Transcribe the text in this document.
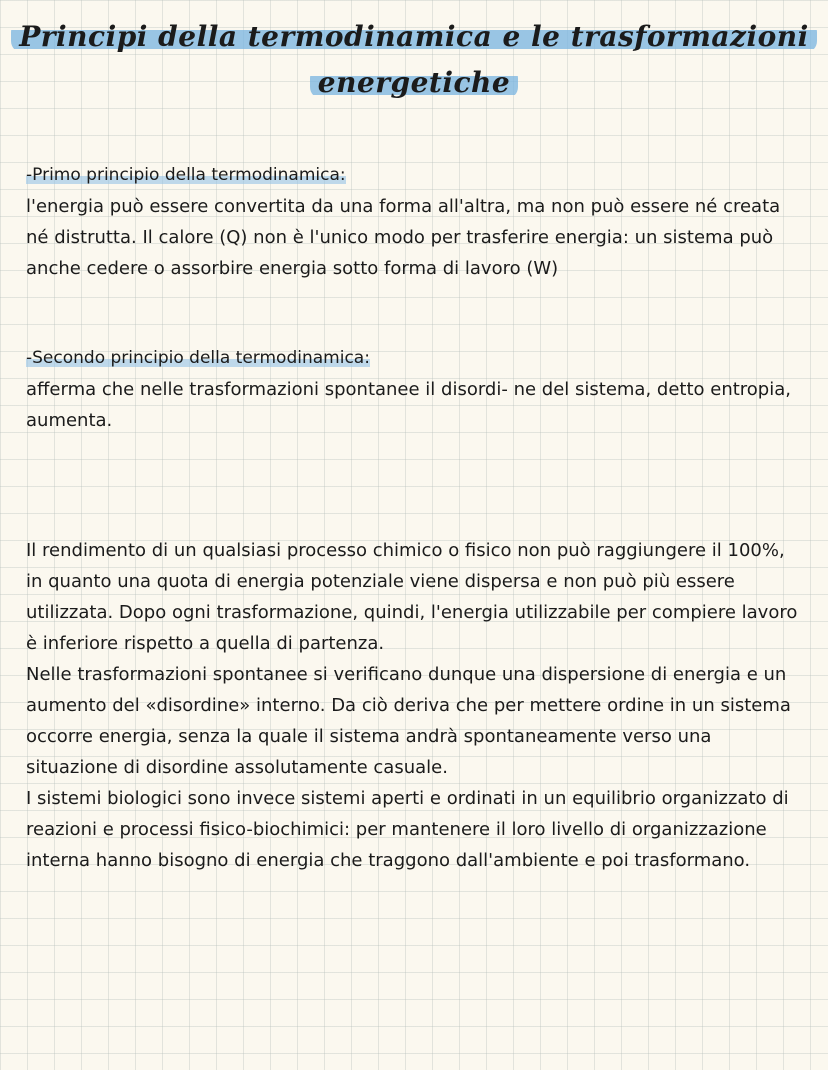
Principi della termodinamica e le trasformazioni

energetiche

-Primo principio della termodinamica:

l'energia può essere convertita da una forma all'altra, ma non può essere né creata né distrutta. Il calore (Q) non è l'unico modo per trasferire energia: un sistema può anche cedere o assorbire energia sotto forma di lavoro (W)

-Secondo principio della termodinamica:

afferma che nelle trasformazioni spontanee il disordi- ne del sistema, detto entropia, aumenta.

Il rendimento di un qualsiasi processo chimico o fisico non può raggiungere il 100%, in quanto una quota di energia potenziale viene dispersa e non può più essere utilizzata. Dopo ogni trasformazione, quindi, l'energia utilizzabile per compiere lavoro è inferiore rispetto a quella di partenza.

Nelle trasformazioni spontanee si verificano dunque una dispersione di energia e un aumento del «disordine» interno. Da ciò deriva che per mettere ordine in un sistema occorre energia, senza la quale il sistema andrà spontaneamente verso una situazione di disordine assolutamente casuale.

I sistemi biologici sono invece sistemi aperti e ordinati in un equilibrio organizzato di reazioni e processi fisico-biochimici: per mantenere il loro livello di organizzazione interna hanno bisogno di energia che traggono dall'ambiente e poi trasformano.
